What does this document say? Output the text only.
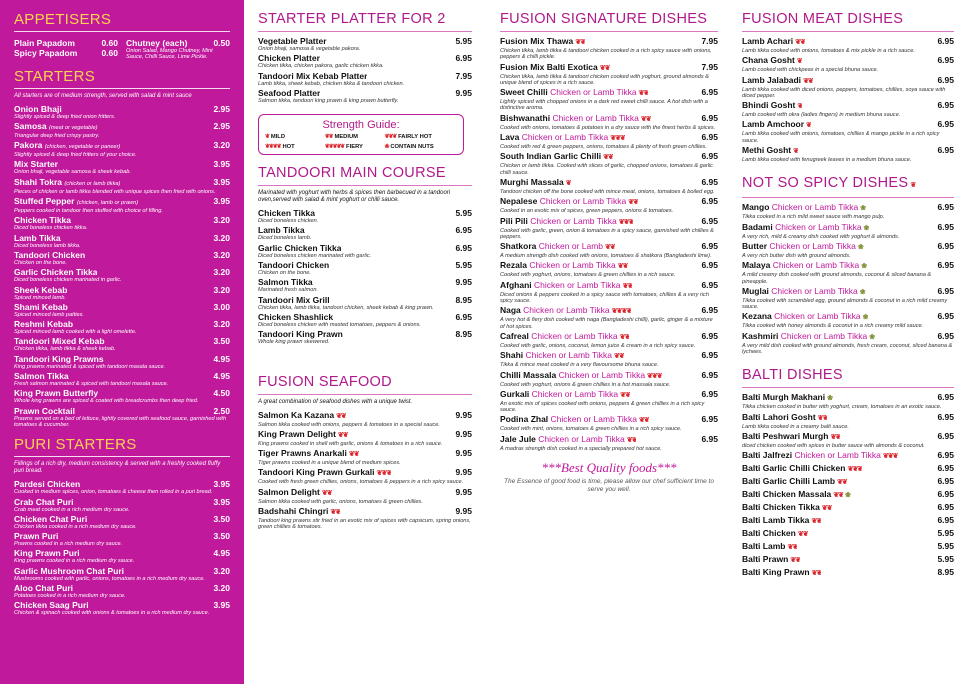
APPETISERS
Plain Papadom	0.60
Spicy Papadom	0.60
Chutney (each)	0.50
Onion Salad, Mango Chutney, Mint Sauce, Chilli Sauce, Lime Pickle.
STARTERS
All starters are of medium strength, served with salad & mint sauce
Onion Bhaji	2.95
Slightly spiced & deep fried onion fritters.
Samosa (meat or vegetable)	2.95
Triangular deep fried crispy pastry.
Pakora (chicken, vegetable or paneer)	3.20
Slightly spiced & deep fried fritters of your choice.
Mix Starter	3.95
Onion bhaji, vegetable samosa & sheek kebab.
Shahi Tokra (chicken or lamb tikka)	3.95
Pieces of chicken or lamb tikka blended with unique spices then fried with onions.
Stuffed Pepper (chicken, lamb or prawn)	3.95
Peppers cooked in tandoor then stuffed with choice of filling.
Chicken Tikka	3.20
Diced boneless chicken tikka.
Lamb Tikka	3.20
Diced boneless lamb tikka.
Tandoori Chicken	3.20
Chicken on the bone.
Garlic Chicken Tikka	3.20
Diced boneless chicken marinated in garlic.
Sheek Kebab	3.20
Spiced minced lamb.
Shami Kebab	3.00
Spiced minced lamb patties.
Reshmi Kebab	3.20
Spiced minced lamb cooked with a light omelette.
Tandoori Mixed Kebab	3.50
Chicken tikka, lamb tikka & sheek kebab.
Tandoori King Prawns	4.95
King prawns marinated & spiced with tandoori masala sauce.
Salmon Tikka	4.95
Fresh salmon marinated & spiced with tandoori masala sauce.
King Prawn Butterfly	4.50
Whole king prawns are spiced & coated with breadcrumbs then deep fried.
Prawn Cocktail	2.50
Prawns served on a bed of lettuce, lightly covered with seafood sauce, garnished with tomatoes & cucumber.
PURI STARTERS
Fillings of a rich dry, medium consistency & served with a freshly cooked fluffy puri bread.
Pardesi Chicken	3.95
Cooked in medium spices, onion, tomatoes & cheese then rolled in a puri bread.
Crab Chat Puri	3.95
Crab meat cooked in a rich medium dry sauce.
Chicken Chat Puri	3.50
Chicken tikka cooked in a rich medium dry sauce.
Prawn Puri	3.50
Prawns cooked in a rich medium dry sauce.
King Prawn Puri	4.95
King prawns cooked in a rich medium dry sauce.
Garlic Mushroom Chat Puri	3.20
Mushrooms cooked with garlic, onions, tomatoes in a rich medium dry sauce.
Aloo Chat Puri	3.20
Potatoes cooked in a rich medium dry sauce.
Chicken Saag Puri	3.95
Chicken & spinach cooked with onions & tomatoes in a rich medium dry sauce.
STARTER PLATTER FOR 2
Vegetable Platter	5.95
Onion bhaji, samosa & vegetable pakora.
Chicken Platter	6.95
Chicken tikka, chicken pakora, garlic chicken tikka.
Tandoori Mix Kebab Platter	7.95
Lamb tikka, sheek kebab, chicken tikka & tandoori chicken.
Seafood Platter	9.95
Salmon tikka, tandoori king prawn & king prawn butterfly.
Strength Guide:
❦ MILD	❦❦ MEDIUM	❦❦❦ FAIRLY HOT
❦❦❦❦ HOT	❦❦❦❦❦ FIERY	❀ CONTAIN NUTS
TANDOORI MAIN COURSE
Marinated with yoghurt with herbs & spices then barbecued in a tandoori oven,served with salad & mint yoghurt or chilli sauce.
Chicken Tikka	5.95
Diced boneless chicken.
Lamb Tikka	6.95
Diced boneless lamb.
Garlic Chicken Tikka	6.95
Diced boneless chicken marinated with garlic.
Tandoori Chicken	5.95
Chicken on the bone.
Salmon Tikka	9.95
Marinated fresh salmon.
Tandoori Mix Grill	8.95
Chicken tikka, lamb tikka, tandoori chicken, sheek kebab & king prawn.
Chicken Shashlick	6.95
Diced boneless chicken with masted tomatoes, peppers & onions.
Tandoori King Prawn	8.95
Whole king prawn skewered.
FUSION SEAFOOD
A great combination of seafood dishes with a unique twist.
Salmon Ka Kazana ❦❦	9.95
Salmon tikka cooked with onions, peppers & tomatoes in a special sauce.
King Prawn Delight ❦❦	9.95
King prawns cooked in shell with garlic, onions & tomatoes in a rich sauce.
Tiger Prawns Anarkali ❦❦	9.95
Tiger prawns cooked in a unique blend of medium spices.
Tandoori King Prawn Gurkali ❦❦❦	9.95
Cooked with fresh green chillies, onions, tomatoes & peppers in a rich spicy sauce.
Salmon Delight ❦❦	9.95
Salmon tikka cooked with garlic, onions, tomatoes & green chillies.
Badshahi Chingri ❦❦	9.95
Tandoori king prawns stir fried in an exotic mix of spices with capsicum, spring onions, green chillies & tomatoes.
FUSION SIGNATURE DISHES
Fusion Mix Thawa ❦❦	7.95
Chicken tikka, lamb tikka & tandoori chicken cooked in a rich spicy sauce with onions, peppers & chilli pickle.
Fusion Mix Balti Exotica ❦❦	7.95
Chicken tikka, lamb tikka & tandoori chicken cooked with yoghurt, ground almonds & unique blend of spices in a rich sauce.
Sweet Chilli Chicken or Lamb Tikka ❦❦	6.95
Lightly spiced with chopped onions in a dark red sweet chilli sauce. A hot dish with a distinctive aroma.
Bishwanathi Chicken or Lamb Tikka ❦❦	6.95
Cooked with onions, tomatoes & potatoes in a dry sauce with the finest herbs & spices.
Lava Chicken or Lamb Tikka ❦❦❦	6.95
Cooked with red & green peppers, onions, tomatoes & plenty of fresh green chillies.
South Indian Garlic Chilli ❦❦	6.95
Chicken or lamb tikka. Cooked with slices of garlic, chopped onions, tomatoes & garlic chilli sauce.
Murghi Massala ❦	6.95
Tandoori chicken off the bone cooked with mince meat, onions, tomatoes & boiled egg.
Nepalese Chicken or Lamb Tikka ❦❦	6.95
Cooked in an exotic mix of spices, green peppers, onions & tomatoes.
Pili Pili Chicken or Lamb Tikka ❦❦❦	6.95
Cooked with garlic, green, onion & tomatoes in a spicy sauce, garnished with chillies & peppers.
Shatkora Chicken or Lamb ❦❦	6.95
A medium strength dish cooked with onions, tomatoes & shatkora (Bangladeshi lime).
Rezala Chicken or Lamb Tikka ❦❦	6.95
Cooked with yoghurt, onions, tomatoes & green chillies in a rich sauce.
Afghani Chicken or Lamb Tikka ❦❦	6.95
Diced onions & peppers cooked in a spicy sauce with tomatoes, chillies & a very rich spicy sauce.
Naga Chicken or Lamb Tikka ❦❦❦❦	6.95
A very hot & fiery dish cooked with naga (Bangladeshi chilli), garlic, ginger & a mixture of hot spices.
Cafreal Chicken or Lamb Tikka ❦❦	6.95
Cooked with garlic, onions, coconut, lemon juice & cream in a rich spicy sauce.
Shahi Chicken or Lamb Tikka ❦❦	6.95
Tikka & mince meat cooked in a very flavoursome bhuna sauce.
Chilli Massala Chicken or Lamb Tikka ❦❦❦	6.95
Cooked with yoghurt, onions & green chillies in a hot massala sauce.
Gurkali Chicken or Lamb Tikka ❦❦	6.95
An exotic mix of spices cooked with onions, peppers & green chillies in a rich spicy sauce.
Podina Zhal Chicken or Lamb Tikka ❦❦	6.95
Cooked with mint, onions, tomatoes & green chillies in a rich spicy sauce.
Jale Jule Chicken or Lamb Tikka ❦❦	6.95
A madras strength dish cooked in a specially prepared hot sauce.
***Best Quality foods***
The Essence of good food is time, please allow our chef sufficient time to serve you well.
FUSION MEAT DISHES
Lamb Achari ❦❦	6.95
Lamb tikka cooked with onions, tomatoes & mix pickle in a rich sauce.
Chana Gosht ❦	6.95
Lamb cooked with chickpeas in a special bhuna sauce.
Lamb Jalabadi ❦❦	6.95
Lamb tikka cooked with diced onions, peppers, tomatoes, chillies, soya sauce with diced pepper.
Bhindi Gosht ❦	6.95
Lamb cooked with okra (ladies fingers) in medium bhuna sauce.
Lamb Amchoor ❦	6.95
Lamb tikka cooked with onions, tomatoes, chillies & mango pickle in a rich spicy sauce.
Methi Gosht ❦	6.95
Lamb tikka cooked with fenugreek leaves in a medium bhuna sauce.
NOT SO SPICY DISHES ❦
Mango Chicken or Lamb Tikka ❀	6.95
Tikka cooked in a rich mild sweet sauce with mango pulp.
Badami Chicken or Lamb Tikka ❀	6.95
A very rich, mild & creamy dish cooked with yoghurt & almonds.
Butter Chicken or Lamb Tikka ❀	6.95
A very rich butter dish with ground almonds.
Malaya Chicken or Lamb Tikka ❀	6.95
A mild creamy dish cooked with ground almonds, coconut & sliced banana & pineapple.
Muglai Chicken or Lamb Tikka ❀	6.95
Tikka cooked with scrambled egg, ground almonds & coconut in a rich mild creamy sauce.
Kezana Chicken or Lamb Tikka ❀	6.95
Tikka cooked with honey almonds & coconut in a rich creamy mild sauce.
Kashmiri Chicken or Lamb Tikka ❀	6.95
A very mild dish cooked with ground almonds, fresh cream, coconut, sliced banana & lychees.
BALTI DISHES
Balti Murgh Makhani ❀	6.95
Tikka chicken cooked in butter with yoghurt, cream, tomatoes in an exotic sauce.
Balti Lahori Gosht ❦❦	6.95
Lamb tikka cooked in a creamy balti sauce.
Balti Peshwari Murgh ❦❦	6.95
diced chicken cooked with spices in butter sauce with almonds & coconut.
Balti Jalfrezi Chicken or Lamb Tikka ❦❦❦	6.95
Balti Garlic Chilli Chicken ❦❦❦	6.95
Balti Garlic Chilli Lamb ❦❦	6.95
Balti Chicken Massala ❦❦ ❀	6.95
Balti Chicken Tikka ❦❦	6.95
Balti Lamb Tikka ❦❦	6.95
Balti Chicken ❦❦	5.95
Balti Lamb ❦❦	5.95
Balti Prawn ❦❦	5.95
Balti King Prawn ❦❦	8.95
